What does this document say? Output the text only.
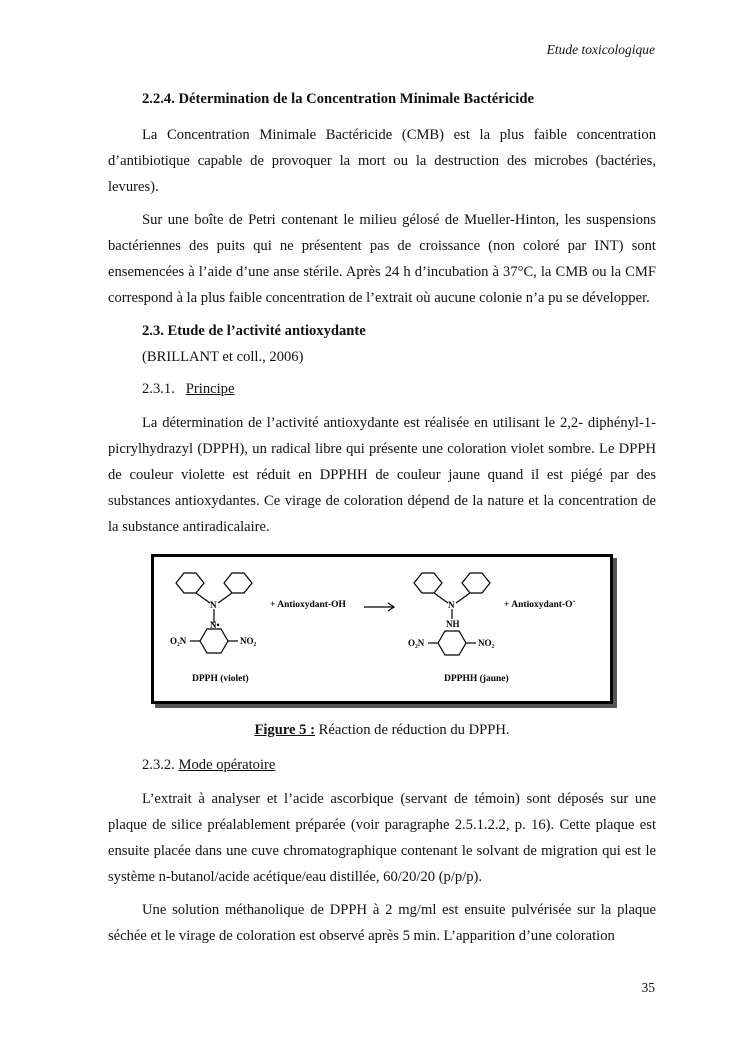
Etude toxicologique
2.2.4. Détermination de la Concentration Minimale Bactéricide

La Concentration Minimale Bactéricide (CMB) est la plus faible concentration d’antibiotique capable de provoquer la mort ou la destruction des microbes (bactéries, levures).

Sur une boîte de Petri contenant le milieu gélosé de Mueller-Hinton, les suspensions bactériennes des puits qui ne présentent pas de croissance (non coloré par INT) sont ensemencées à l’aide d’une anse stérile. Après 24 h d’incubation à 37°C, la CMB ou la CMF correspond à la plus faible concentration de l’extrait où aucune colonie n’a pu se développer.

2.3. Etude de l’activité antioxydante
(BRILLANT et coll., 2006)
2.3.1. Principe

La détermination de l’activité antioxydante est réalisée en utilisant le 2,2- diphényl-1-picrylhydrazyl (DPPH), un radical libre qui présente une coloration violet sombre. Le DPPH de couleur violette est réduit en DPPHH de couleur jaune quand il est piégé par des substances antioxydantes. Ce virage de coloration dépend de la nature et la concentration de la substance antiradicalaire.

N
N•
O₂N	NO₂
N
NH
O₂N	NO₂
+ Antioxydant-OH	+ Antioxydant-O˙
DPPH (violet)	DPPHH (jaune)
Figure 5 : Réaction de réduction du DPPH.
2.3.2. Mode opératoire

L’extrait à analyser et l’acide ascorbique (servant de témoin) sont déposés sur une plaque de silice préalablement préparée (voir paragraphe 2.5.1.2.2, p. 16). Cette plaque est ensuite placée dans une cuve chromatographique contenant le solvant de migration qui est le système n-butanol/acide acétique/eau distillée, 60/20/20 (p/p/p).

Une solution méthanolique de DPPH à 2 mg/ml est ensuite pulvérisée sur la plaque séchée et le virage de coloration est observé après 5 min. L’apparition d’une coloration

35
